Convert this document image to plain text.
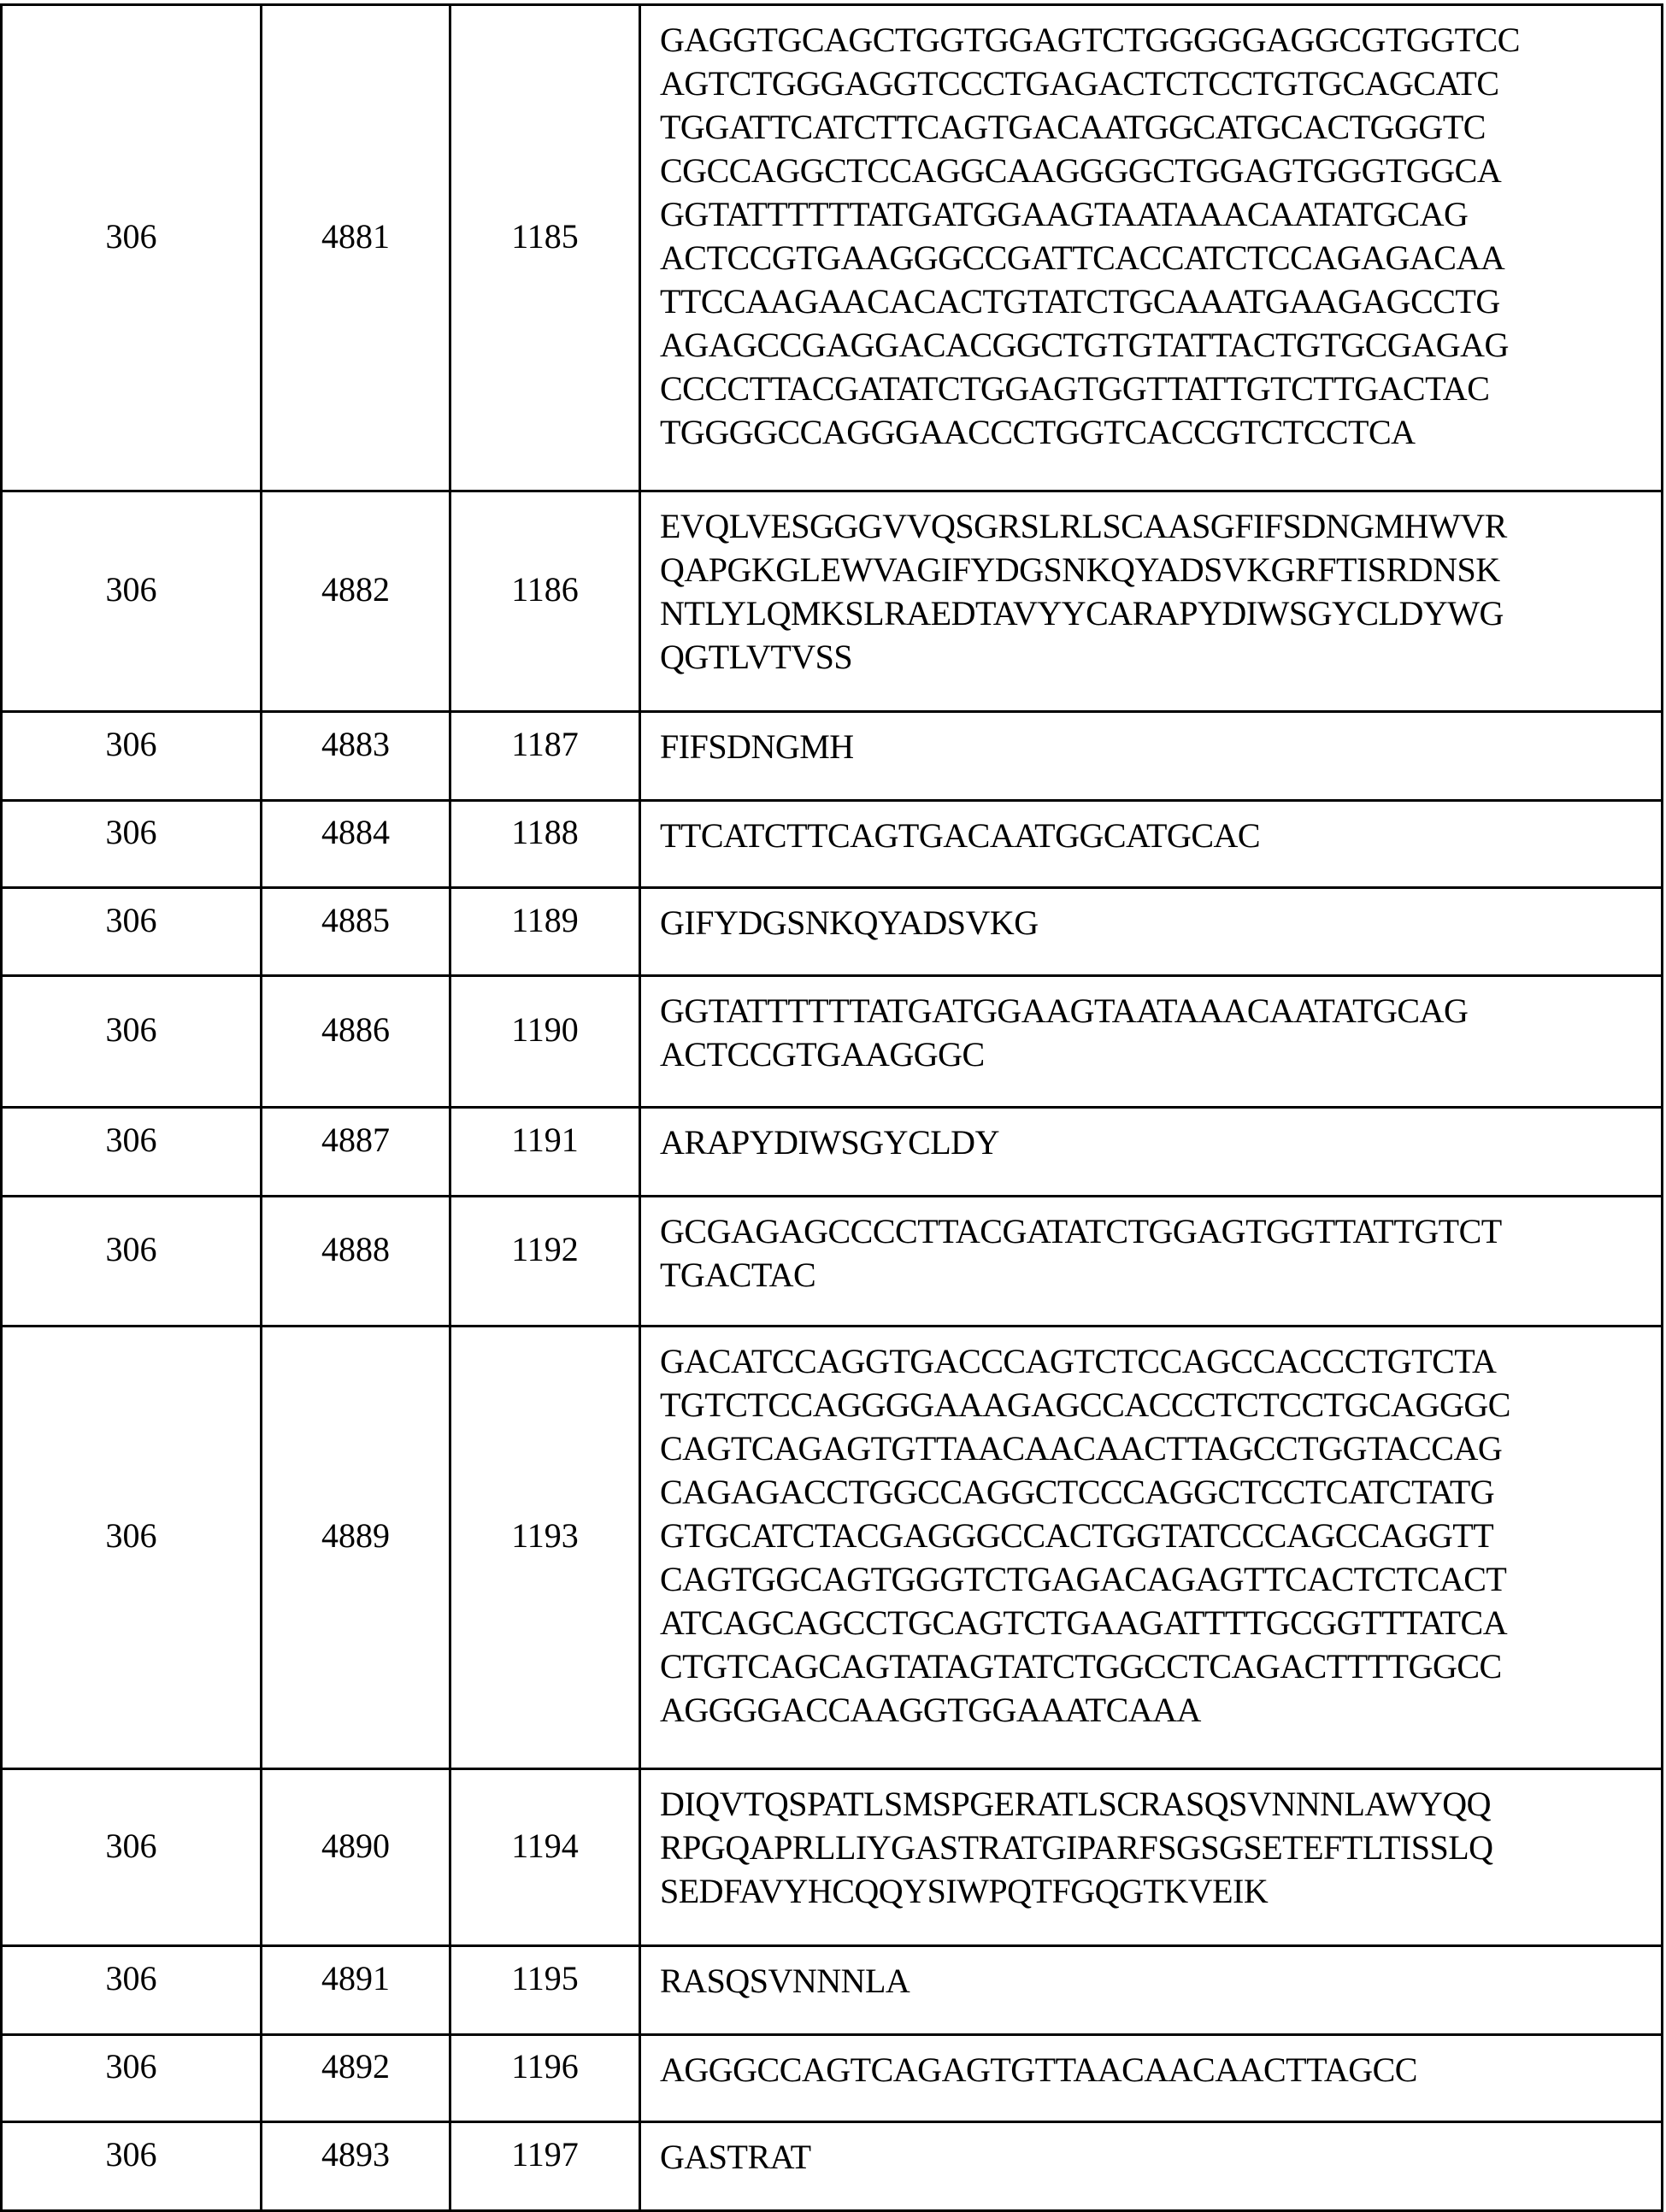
306	4881	1185	
GAGGTGCAGCTGGTGGAGTCTGGGGGAGGCGTGGTCC
AGTCTGGGAGGTCCCTGAGACTCTCCTGTGCAGCATC
TGGATTCATCTTCAGTGACAATGGCATGCACTGGGTC
CGCCAGGCTCCAGGCAAGGGGCTGGAGTGGGTGGCA
GGTATTTTTTATGATGGAAGTAATAAACAATATGCAG
ACTCCGTGAAGGGCCGATTCACCATCTCCAGAGACAA
TTCCAAGAACACACTGTATCTGCAAATGAAGAGCCTG
AGAGCCGAGGACACGGCTGTGTATTACTGTGCGAGAG
CCCCTTACGATATCTGGAGTGGTTATTGTCTTGACTAC
TGGGGCCAGGGAACCCTGGTCACCGTCTCCTCA

306	4882	1186	
EVQLVESGGGVVQSGRSLRLSCAASGFIFSDNGMHWVR
QAPGKGLEWVAGIFYDGSNKQYADSVKGRFTISRDNSK
NTLYLQMKSLRAEDTAVYYCARAPYDIWSGYCLDYWG
QGTLVTVSS

306	4883	1187	FIFSDNGMH

306	4884	1188	TTCATCTTCAGTGACAATGGCATGCAC

306	4885	1189	GIFYDGSNKQYADSVKG

306	4886	1190	GGTATTTTTTATGATGGAAGTAATAAACAATATGCAG
ACTCCGTGAAGGGC

306	4887	1191	ARAPYDIWSGYCLDY

306	4888	1192	GCGAGAGCCCCTTACGATATCTGGAGTGGTTATTGTCT
TGACTAC

306	4889	1193	
GACATCCAGGTGACCCAGTCTCCAGCCACCCTGTCTA
TGTCTCCAGGGGAAAGAGCCACCCTCTCCTGCAGGGC
CAGTCAGAGTGTTAACAACAACTTAGCCTGGTACCAG
CAGAGACCTGGCCAGGCTCCCAGGCTCCTCATCTATG
GTGCATCTACGAGGGCCACTGGTATCCCAGCCAGGTT
CAGTGGCAGTGGGTCTGAGACAGAGTTCACTCTCACT
ATCAGCAGCCTGCAGTCTGAAGATTTTGCGGTTTATCA
CTGTCAGCAGTATAGTATCTGGCCTCAGACTTTTGGCC
AGGGGACCAAGGTGGAAATCAAA

306	4890	1194	
DIQVTQSPATLSMSPGERATLSCRASQSVNNNLAWYQQ
RPGQAPRLLIYGASTRATGIPARFSGSGSETEFTLTISSLQ
SEDFAVYHCQQYSIWPQTFGQGTKVEIK

306	4891	1195	RASQSVNNNLA

306	4892	1196	AGGGCCAGTCAGAGTGTTAACAACAACTTAGCC

306	4893	1197	GASTRAT
